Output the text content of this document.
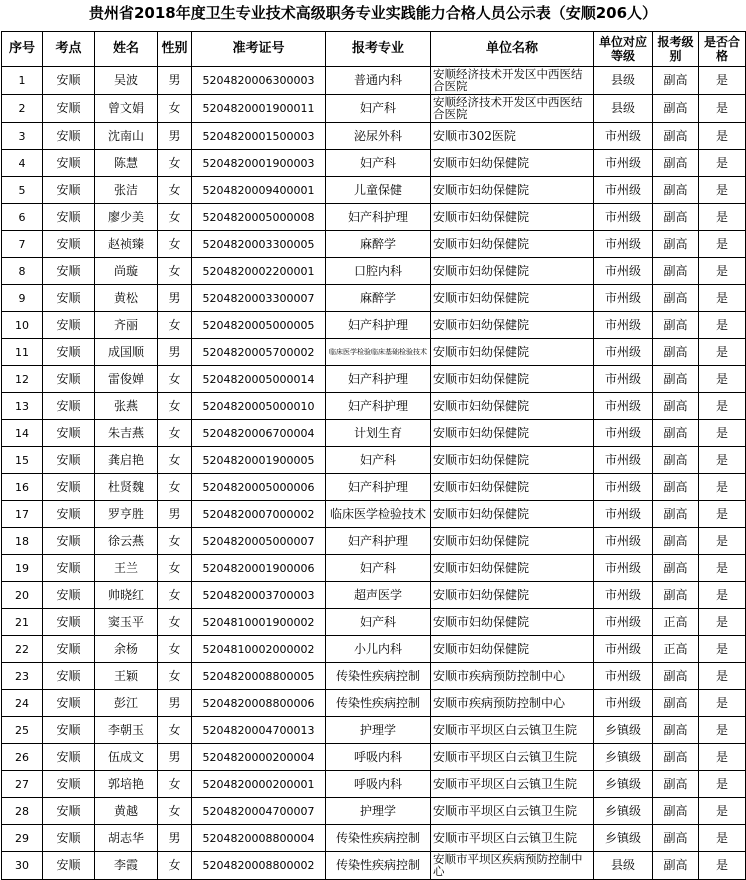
贵州省2018年度卫生专业技术高级职务专业实践能力合格人员公示表（安顺206人）
序号	考点	姓名	性别	准考证号	报考专业	单位名称	单位对应等级	报考级别	是否合格
1	安顺	吴波	男	5204820006300003	普通内科	安顺经济技术开发区中西医结合医院	县级	副高	是
2	安顺	曾文娟	女	5204820001900011	妇产科	安顺经济技术开发区中西医结合医院	县级	副高	是
3	安顺	沈南山	男	5204820001500003	泌尿外科	安顺市302医院	市州级	副高	是
4	安顺	陈慧	女	5204820001900003	妇产科	安顺市妇幼保健院	市州级	副高	是
5	安顺	张洁	女	5204820009400001	儿童保健	安顺市妇幼保健院	市州级	副高	是
6	安顺	廖少美	女	5204820005000008	妇产科护理	安顺市妇幼保健院	市州级	副高	是
7	安顺	赵祯臻	女	5204820003300005	麻醉学	安顺市妇幼保健院	市州级	副高	是
8	安顺	尚璇	女	5204820002200001	口腔内科	安顺市妇幼保健院	市州级	副高	是
9	安顺	黄松	男	5204820003300007	麻醉学	安顺市妇幼保健院	市州级	副高	是
10	安顺	齐丽	女	5204820005000005	妇产科护理	安顺市妇幼保健院	市州级	副高	是
11	安顺	成国顺	男	5204820005700002	临床医学检验临床基础检验技术	安顺市妇幼保健院	市州级	副高	是
12	安顺	雷俊婵	女	5204820005000014	妇产科护理	安顺市妇幼保健院	市州级	副高	是
13	安顺	张燕	女	5204820005000010	妇产科护理	安顺市妇幼保健院	市州级	副高	是
14	安顺	朱吉燕	女	5204820006700004	计划生育	安顺市妇幼保健院	市州级	副高	是
15	安顺	龚启艳	女	5204820001900005	妇产科	安顺市妇幼保健院	市州级	副高	是
16	安顺	杜贤魏	女	5204820005000006	妇产科护理	安顺市妇幼保健院	市州级	副高	是
17	安顺	罗亨胜	男	5204820007000002	临床医学检验技术	安顺市妇幼保健院	市州级	副高	是
18	安顺	徐云燕	女	5204820005000007	妇产科护理	安顺市妇幼保健院	市州级	副高	是
19	安顺	王兰	女	5204820001900006	妇产科	安顺市妇幼保健院	市州级	副高	是
20	安顺	帅晓红	女	5204820003700003	超声医学	安顺市妇幼保健院	市州级	副高	是
21	安顺	窦玉平	女	5204810001900002	妇产科	安顺市妇幼保健院	市州级	正高	是
22	安顺	余杨	女	5204810002000002	小儿内科	安顺市妇幼保健院	市州级	正高	是
23	安顺	王颖	女	5204820008800005	传染性疾病控制	安顺市疾病预防控制中心	市州级	副高	是
24	安顺	彭江	男	5204820008800006	传染性疾病控制	安顺市疾病预防控制中心	市州级	副高	是
25	安顺	李朝玉	女	5204820004700013	护理学	安顺市平坝区白云镇卫生院	乡镇级	副高	是
26	安顺	伍成文	男	5204820000200004	呼吸内科	安顺市平坝区白云镇卫生院	乡镇级	副高	是
27	安顺	郭培艳	女	5204820000200001	呼吸内科	安顺市平坝区白云镇卫生院	乡镇级	副高	是
28	安顺	黄越	女	5204820004700007	护理学	安顺市平坝区白云镇卫生院	乡镇级	副高	是
29	安顺	胡志华	男	5204820008800004	传染性疾病控制	安顺市平坝区白云镇卫生院	乡镇级	副高	是
30	安顺	李霞	女	5204820008800002	传染性疾病控制	安顺市平坝区疾病预防控制中心	县级	副高	是
